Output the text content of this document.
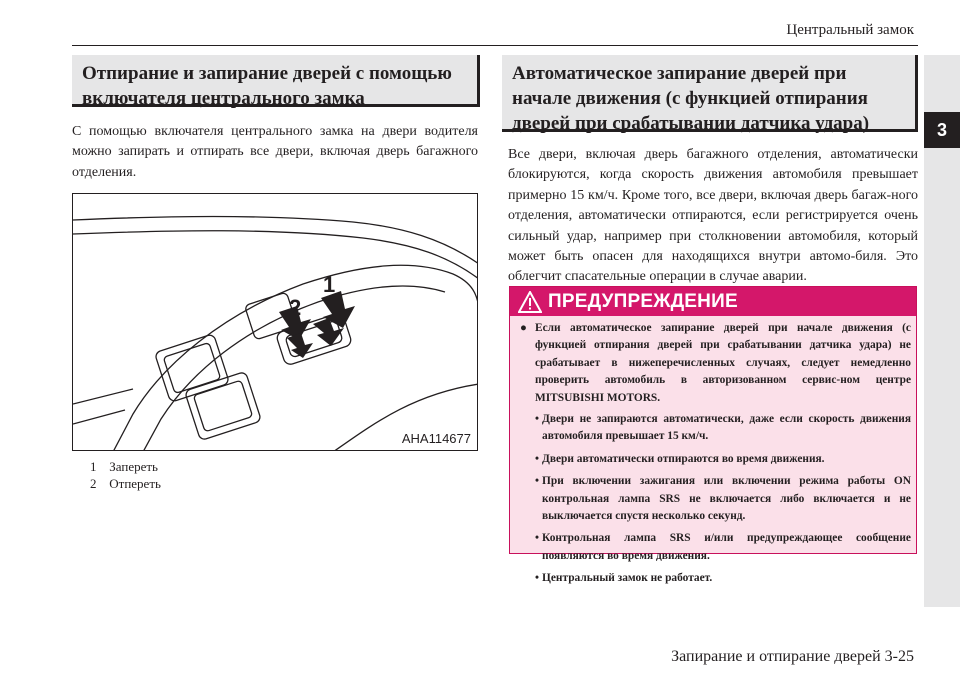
Центральный замок
3
Отпирание и запирание дверей с помощью включателя центрального замка
С помощью включателя центрального замка на двери водителя можно запирать и отпирать все двери, включая дверь багажного отделения.
1
2
AHA114677
1 Запереть
2 Отпереть
Автоматическое запирание дверей при начале движения (с функцией отпирания дверей при срабатывании датчика удара)
Все двери, включая дверь багажного отделения, автоматически блокируются, когда скорость движения автомобиля превышает примерно 15 км/ч. Кроме того, все двери, включая дверь багаж-ного отделения, автоматически отпираются, если регистрируется очень сильный удар, например при столкновении автомобиля, который может быть опасен для находящихся внутри автомо-биля. Это облегчит спасательные операции в случае аварии.
ПРЕДУПРЕЖДЕНИЕ
● Если автоматическое запирание дверей при начале движения (с функцией отпирания дверей при срабатывании датчика удара) не срабатывает в нижеперечисленных случаях, следует немедленно проверить автомобиль в авторизованном сервис-ном центре MITSUBISHI MOTORS.
• Двери не запираются автоматически, даже если скорость движения автомобиля превышает 15 км/ч.
• Двери автоматически отпираются во время движения.
• При включении зажигания или включении режима работы ON контрольная лампа SRS не включается либо включается и не выключается спустя несколько секунд.
• Контрольная лампа SRS и/или предупреждающее сообщение появляются во время движения.
• Центральный замок не работает.
Запирание и отпирание дверей 3-25
